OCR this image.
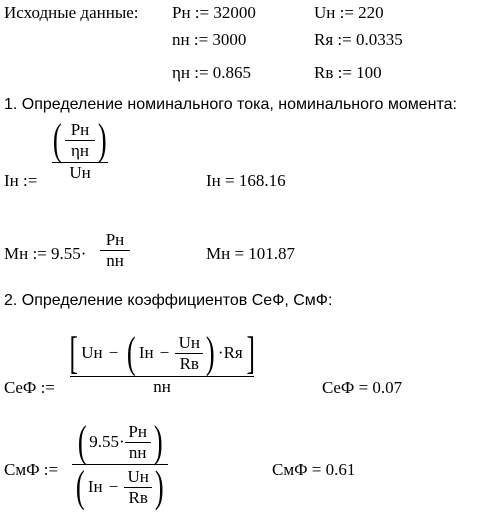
Исходные данные: Pн := 32000	Uн := 220
nн := 3000	Rя := 0.0335
ηн := 0.865	Rв := 100
1. Определение номинального тока, номинального момента:
Iн :=
( Pн
ηн )
Uн	Iн = 168.16
Mн := 9.55·
Pн
nн	Mн = 101.87
2. Определение коэффициентов CeФ, CмФ:
CeФ :=
[ Uн − ( Iн −
Uн
Rв ) ·Rя ]
nн	CeФ = 0.07
CмФ :=
( 9.55·
Pн
nн )
( Iн −
Uн
Rв )	CмФ = 0.61
